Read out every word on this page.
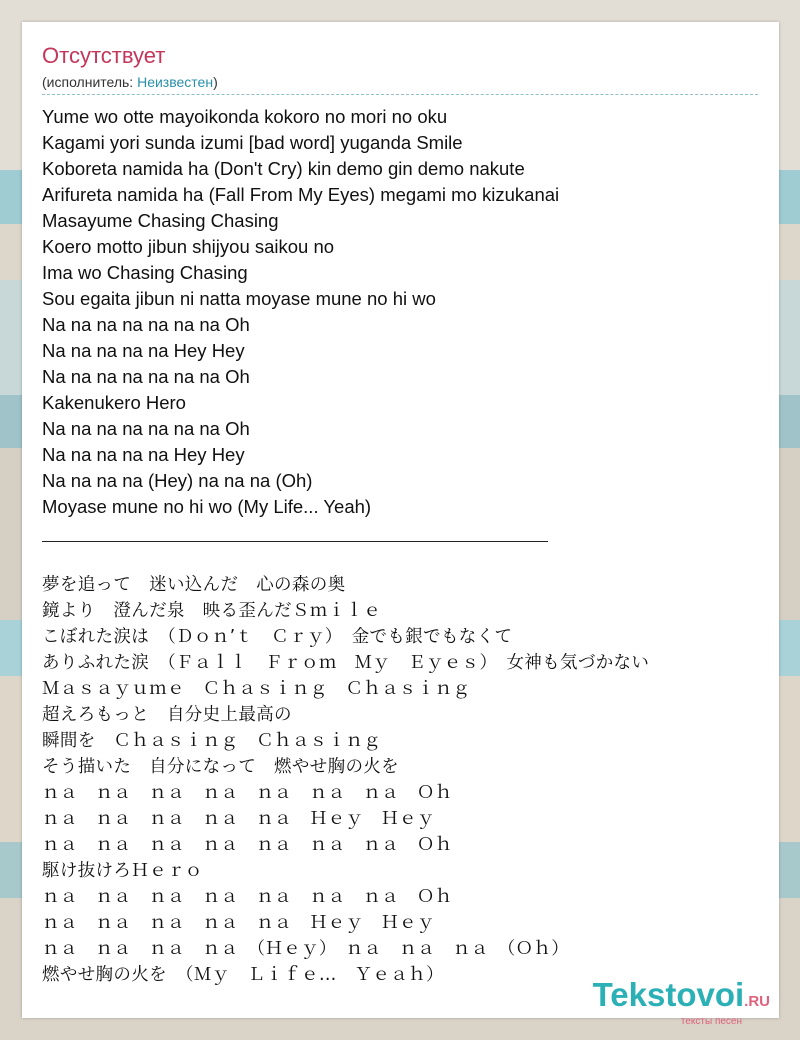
Отсутствует
(исполнитель: Неизвестен)
Yume wo otte mayoikonda kokoro no mori no oku
Kagami yori sunda izumi [bad word] yuganda Smile
Koboreta namida ha (Don't Cry) kin demo gin demo nakute
Arifureta namida ha (Fall From My Eyes) megami mo kizukanai
Masayume Chasing Chasing
Koero motto jibun shijyou saikou no
Ima wo Chasing Chasing
Sou egaita jibun ni natta moyase mune no hi wo
Na na na na na na na Oh
Na na na na na Hey Hey
Na na na na na na na Oh
Kakenukero Hero
Na na na na na na na Oh
Na na na na na Hey Hey
Na na na na (Hey) na na na (Oh)
Moyase mune no hi wo (My Life... Yeah)
夢を追って　迷い込んだ　心の森の奥
鏡より　澄んだ泉　映る歪んだＳｍｉｌｅ
こぼれた涙は　（Ｄｏｎ’ｔ　Ｃｒｙ）　金でも銀でもなくて
ありふれた涙　（Ｆａｌｌ　Ｆｒｏｍ　Ｍｙ　Ｅｙｅｓ）　女神も気づかない
Ｍａｓａｙｕｍｅ　Ｃｈａｓｉｎｇ　Ｃｈａｓｉｎｇ
超えろもっと　自分史上最高の
瞬間を　Ｃｈａｓｉｎｇ　Ｃｈａｓｉｎｇ
そう描いた　自分になって　燃やせ胸の火を
ｎａ　ｎａ　ｎａ　ｎａ　ｎａ　ｎａ　ｎａ　Ｏｈ
ｎａ　ｎａ　ｎａ　ｎａ　ｎａ　Ｈｅｙ　Ｈｅｙ
ｎａ　ｎａ　ｎａ　ｎａ　ｎａ　ｎａ　ｎａ　Ｏｈ
駆け抜けろＨｅｒｏ
ｎａ　ｎａ　ｎａ　ｎａ　ｎａ　ｎａ　ｎａ　Ｏｈ
ｎａ　ｎａ　ｎａ　ｎａ　ｎａ　Ｈｅｙ　Ｈｅｙ
ｎａ　ｎａ　ｎａ　ｎａ　（Ｈｅｙ）　ｎａ　ｎａ　ｎａ　（Ｏｈ）
燃やせ胸の火を　（Ｍｙ　Ｌｉｆｅ…　Ｙｅａｈ）
Tekstovoi.RU
тексты песен
